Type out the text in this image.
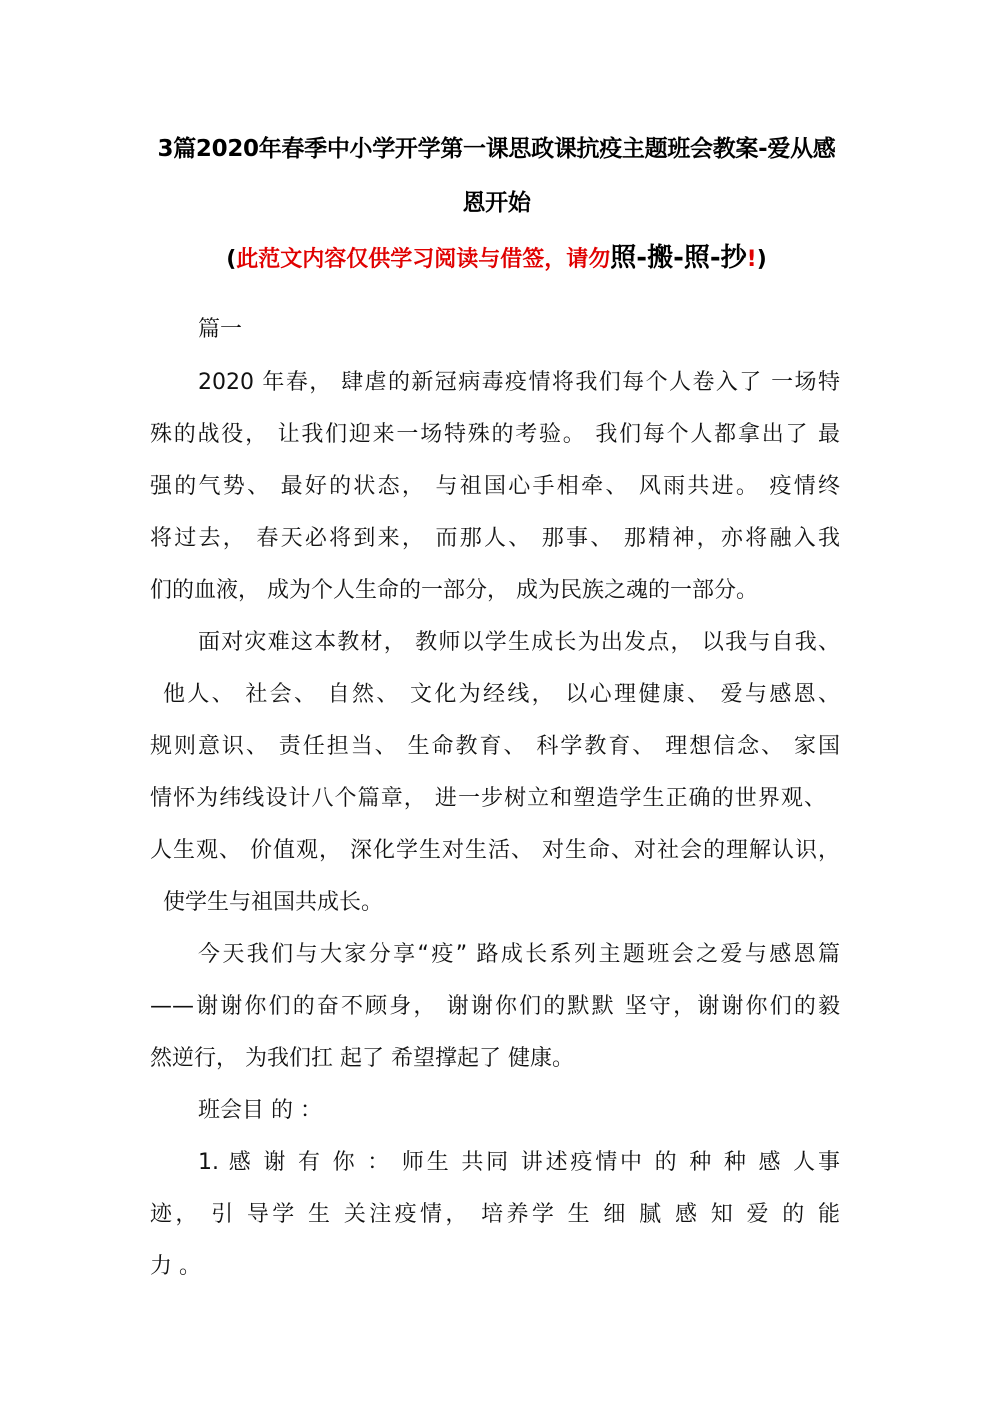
3篇2020年春季中小学开学第一课思政课抗疫主题班会教案-爱从感
恩开始
(此范文内容仅供学习阅读与借签，请勿照-搬-照-抄!)
篇一
2020 年春， 肆虐的新冠病毒疫情将我们每个人卷入了 一场特
殊的战役， 让我们迎来一场特殊的考验。 我们每个人都拿出了 最
强的气势、 最好的状态， 与祖国心手相牵、 风雨共进。 疫情终
将过去， 春天必将到来， 而那人、 那事、 那精神，亦将融入我
们的血液， 成为个人生命的一部分， 成为民族之魂的一部分。
面对灾难这本教材， 教师以学生成长为出发点， 以我与自我、
他人、 社会、 自然、 文化为经线， 以心理健康、 爱与感恩、
规则意识、 责任担当、 生命教育、 科学教育、 理想信念、 家国
情怀为纬线设计八个篇章， 进一步树立和塑造学生正确的世界观、
人生观、 价值观， 深化学生对生活、 对生命、对社会的理解认识，
使学生与祖国共成长。
今天我们与大家分享“疫” 路成长系列主题班会之爱与感恩篇
——谢谢你们的奋不顾身， 谢谢你们的默默 坚守，谢谢你们的毅
然逆行， 为我们扛 起了 希望撑起了 健康。
班会目 的 ：
1. 感 谢 有 你 ： 师生 共同 讲述疫情中 的 种 种 感 人事
迹， 引 导学 生 关注疫情， 培养学 生 细 腻 感 知 爱 的 能
力 。
